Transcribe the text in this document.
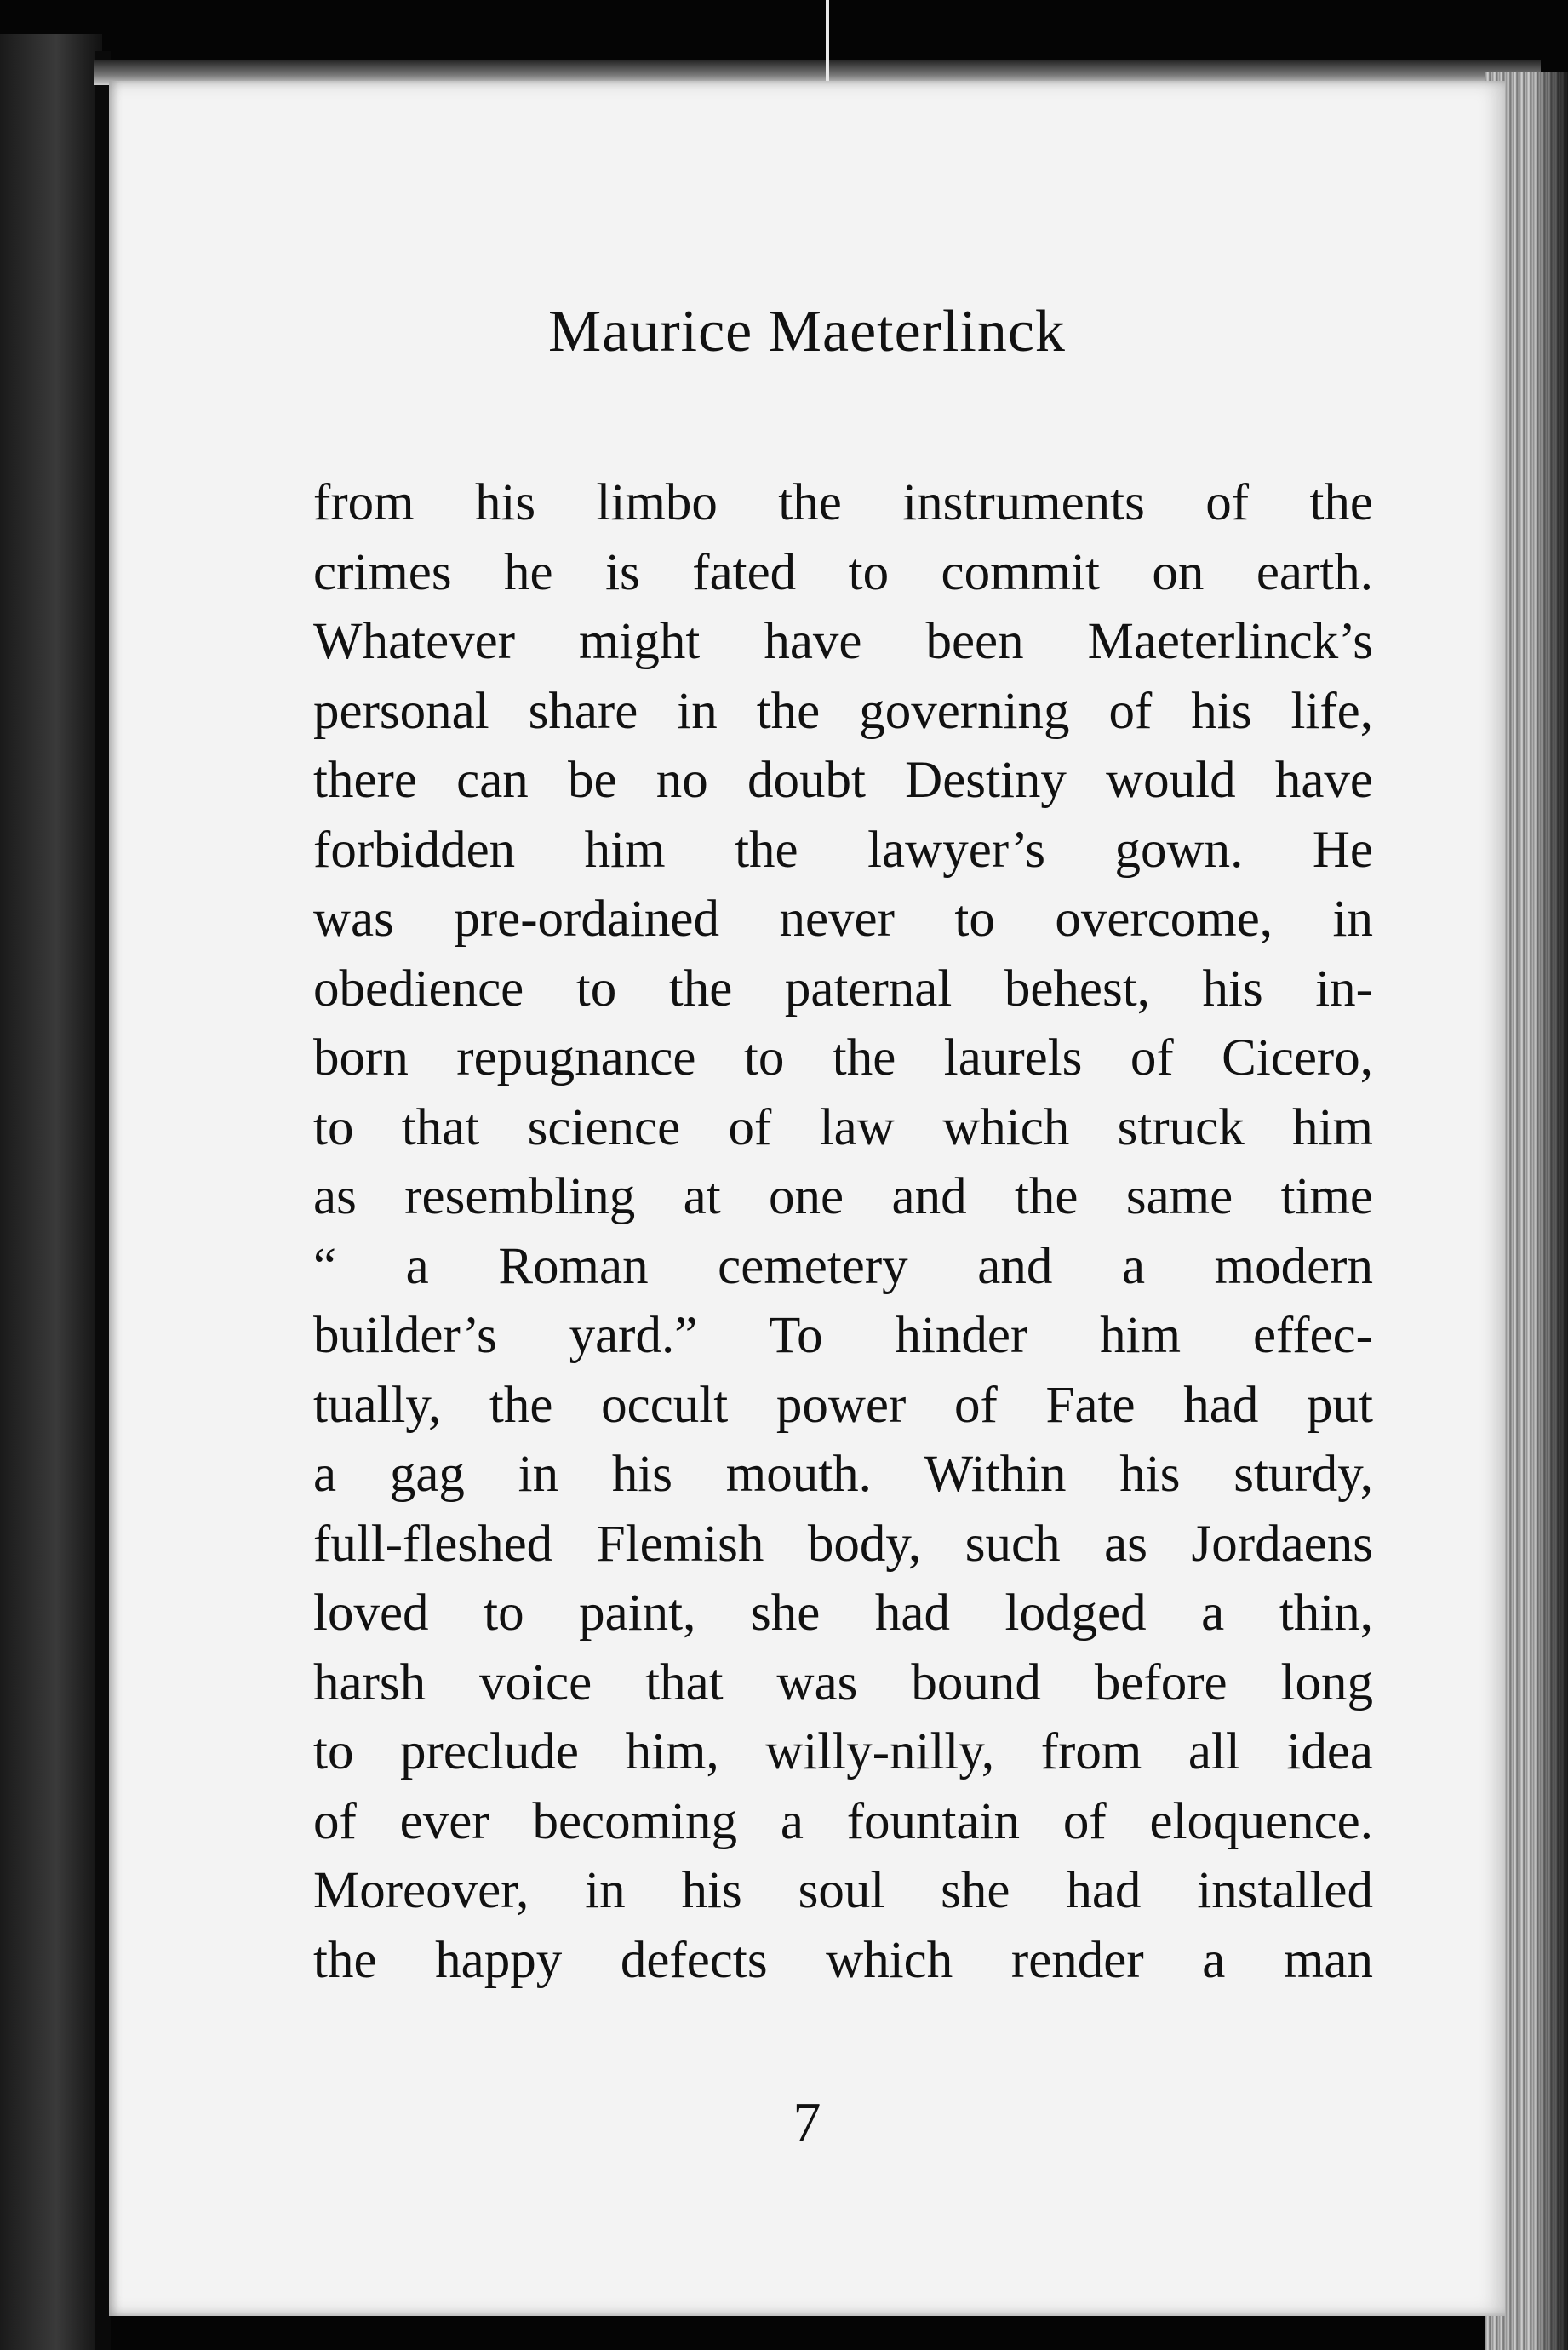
Maurice Maeterlinck
from his limbo the instruments of the
crimes he is fated to commit on earth.
Whatever might have been Maeterlinck’s
personal share in the governing of his life,
there can be no doubt Destiny would have
forbidden him the lawyer’s gown. He
was pre-ordained never to overcome, in
obedience to the paternal behest, his in-
born repugnance to the laurels of Cicero,
to that science of law which struck him
as resembling at one and the same time
“ a Roman cemetery and a modern
builder’s yard.” To hinder him effec-
tually, the occult power of Fate had put
a gag in his mouth. Within his sturdy,
full-fleshed Flemish body, such as Jordaens
loved to paint, she had lodged a thin,
harsh voice that was bound before long
to preclude him, willy-nilly, from all idea
of ever becoming a fountain of eloquence.
Moreover, in his soul she had installed
the happy defects which render a man
7
